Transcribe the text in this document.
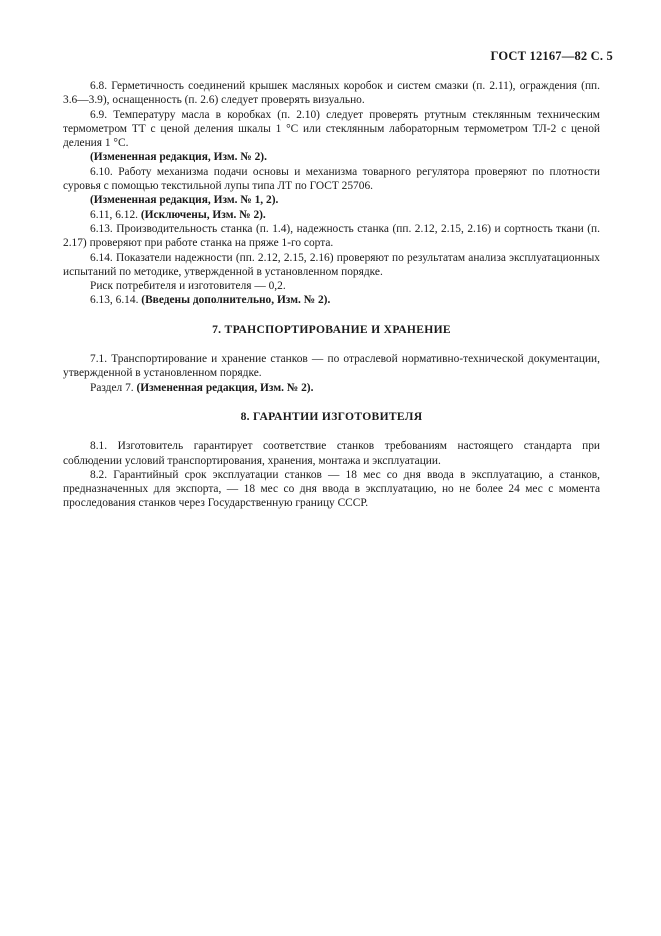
ГОСТ 12167—82 С. 5

6.8. Герметичность соединений крышек масляных коробок и систем смазки (п. 2.11), ограждения (пп. 3.6—3.9), оснащенность (п. 2.6) следует проверять визуально.

6.9. Температуру масла в коробках (п. 2.10) следует проверять ртутным стеклянным техническим термометром ТТ с ценой деления шкалы 1 °С или стеклянным лабораторным термометром ТЛ-2 с ценой деления 1 °С.

(Измененная редакция, Изм. № 2).

6.10. Работу механизма подачи основы и механизма товарного регулятора проверяют по плотности суровья с помощью текстильной лупы типа ЛТ по ГОСТ 25706.

(Измененная редакция, Изм. № 1, 2).

6.11, 6.12. (Исключены, Изм. № 2).

6.13. Производительность станка (п. 1.4), надежность станка (пп. 2.12, 2.15, 2.16) и сортность ткани (п. 2.17) проверяют при работе станка на пряже 1-го сорта.

6.14. Показатели надежности (пп. 2.12, 2.15, 2.16) проверяют по результатам анализа эксплуатационных испытаний по методике, утвержденной в установленном порядке.

Риск потребителя и изготовителя — 0,2.

6.13, 6.14. (Введены дополнительно, Изм. № 2).

7. ТРАНСПОРТИРОВАНИЕ И ХРАНЕНИЕ

7.1. Транспортирование и хранение станков — по отраслевой нормативно-технической документации, утвержденной в установленном порядке.

Раздел 7. (Измененная редакция, Изм. № 2).

8. ГАРАНТИИ ИЗГОТОВИТЕЛЯ

8.1. Изготовитель гарантирует соответствие станков требованиям настоящего стандарта при соблюдении условий транспортирования, хранения, монтажа и эксплуатации.

8.2. Гарантийный срок эксплуатации станков — 18 мес со дня ввода в эксплуатацию, а станков, предназначенных для экспорта, — 18 мес со дня ввода в эксплуатацию, но не более 24 мес с момента проследования станков через Государственную границу СССР.
